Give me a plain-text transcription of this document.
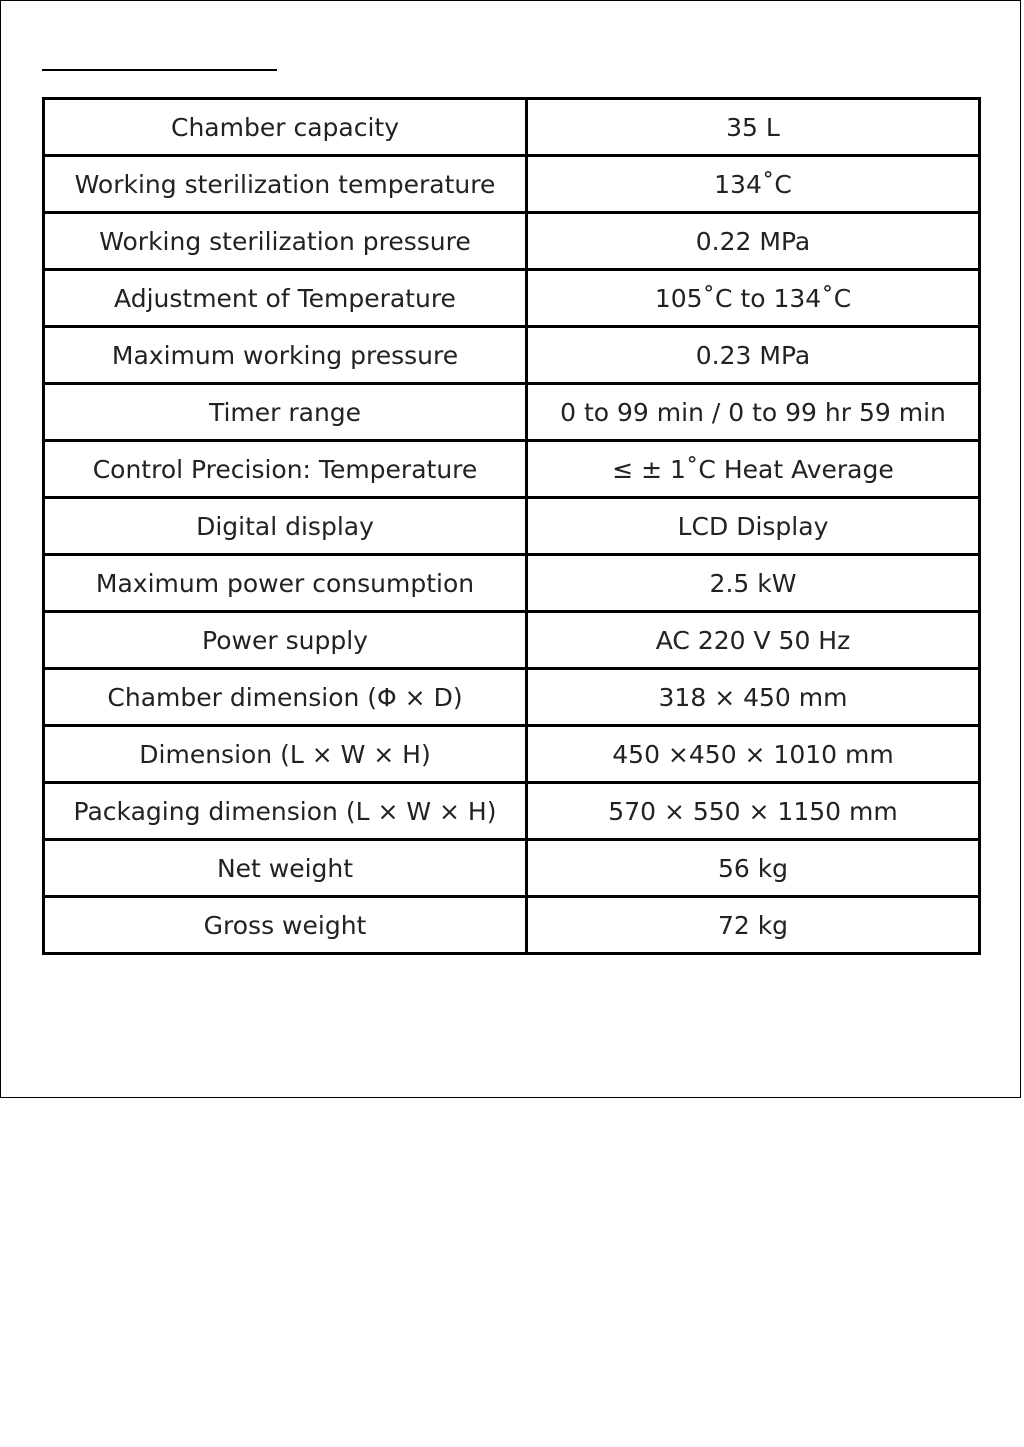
Chamber capacity	35 L
Working sterilization temperature	134˚C
Working sterilization pressure	0.22 MPa
Adjustment of Temperature	105˚C to 134˚C
Maximum working pressure	0.23 MPa
Timer range	0 to 99 min / 0 to 99 hr 59 min
Control Precision: Temperature	≤ ± 1˚C Heat Average
Digital display	LCD Display
Maximum power consumption	2.5 kW
Power supply	AC 220 V 50 Hz
Chamber dimension (Φ × D)	318 × 450 mm
Dimension (L × W × H)	450 ×450 × 1010 mm
Packaging dimension (L × W × H)	570 × 550 × 1150 mm
Net weight	56 kg
Gross weight	72 kg
